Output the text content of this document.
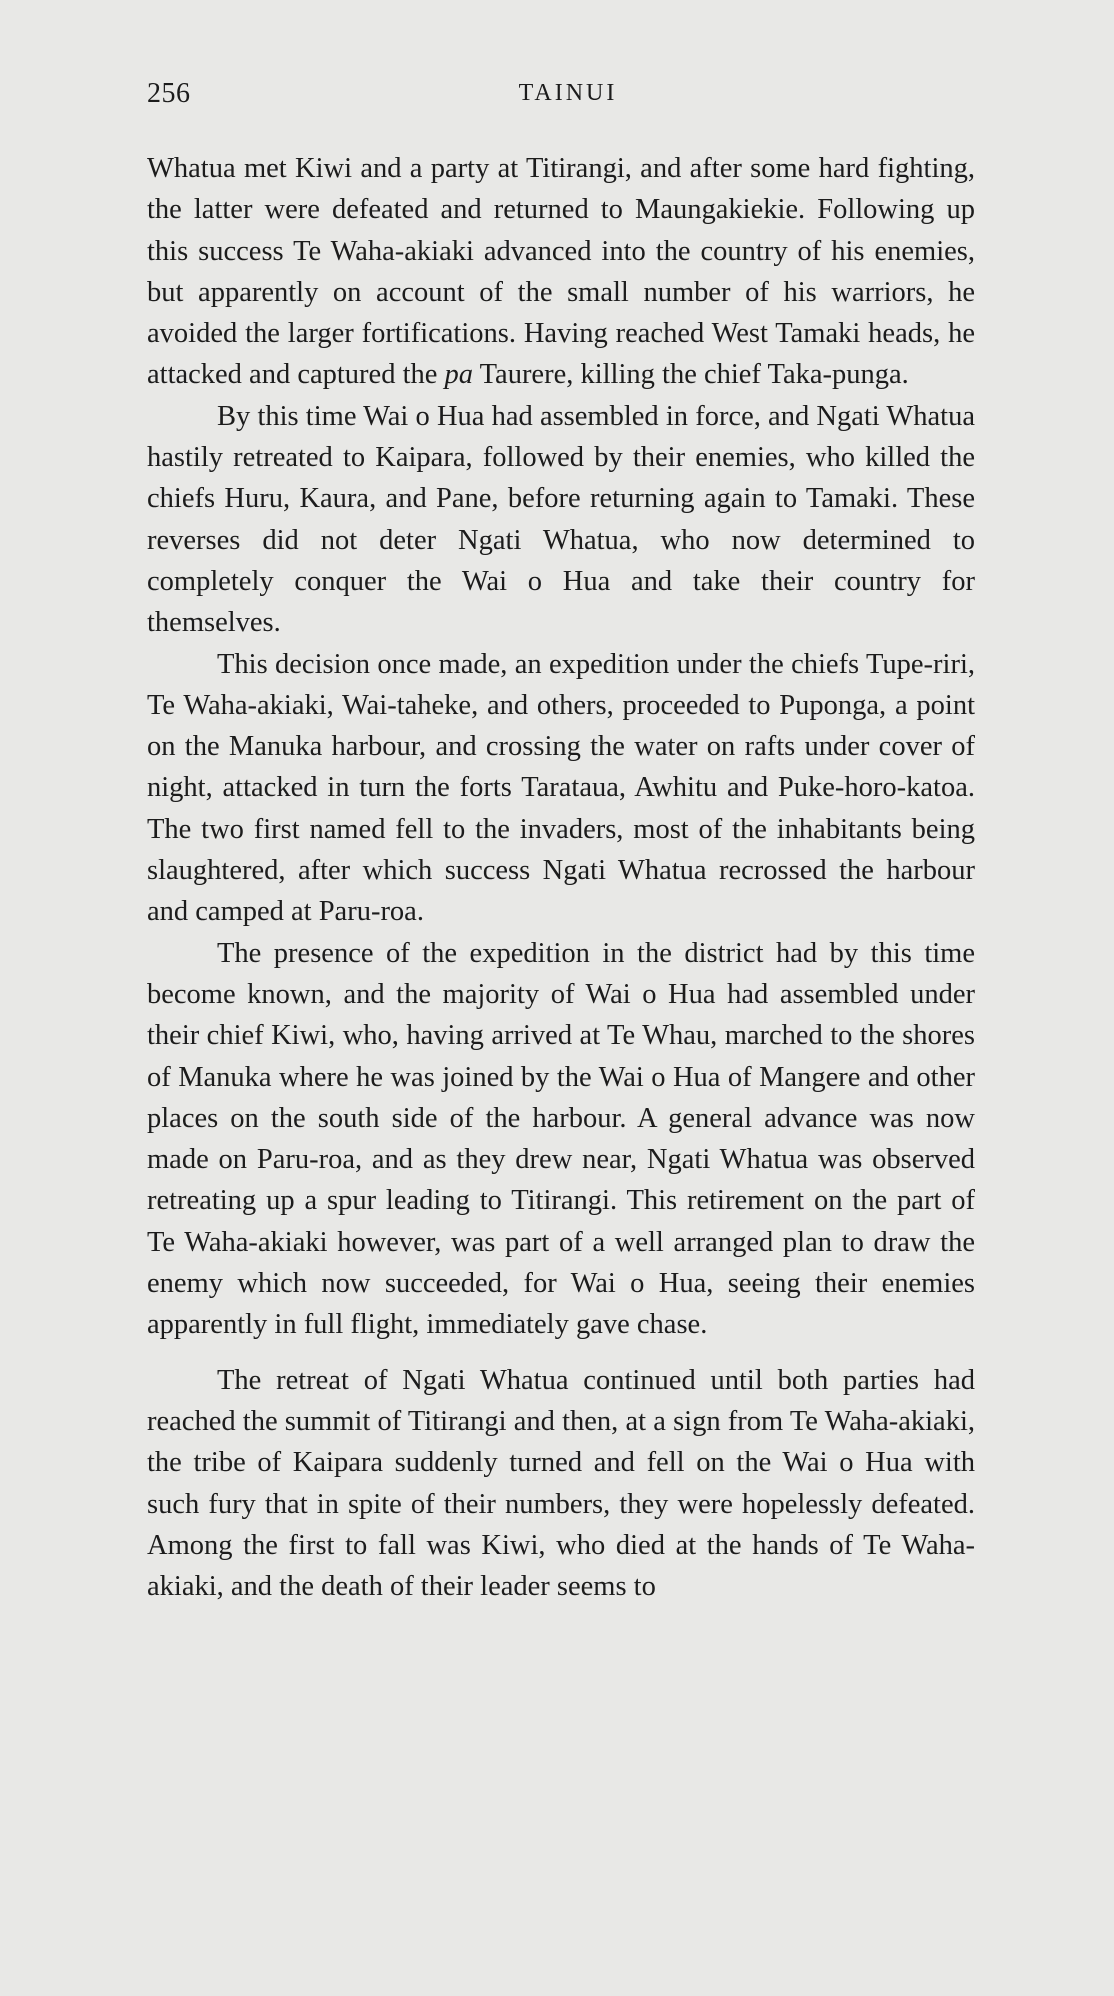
256	TAINUI

Whatua met Kiwi and a party at Titirangi, and after some hard fighting, the latter were defeated and returned to Maungakiekie. Following up this success Te Waha-akiaki advanced into the country of his enemies, but apparently on account of the small number of his warriors, he avoided the larger fortifications. Having reached West Tamaki heads, he attacked and captured the pa Taurere, killing the chief Taka-punga.

By this time Wai o Hua had assembled in force, and Ngati Whatua hastily retreated to Kaipara, followed by their enemies, who killed the chiefs Huru, Kaura, and Pane, before returning again to Tamaki. These reverses did not deter Ngati Whatua, who now determined to completely conquer the Wai o Hua and take their country for themselves.

This decision once made, an expedition under the chiefs Tupe-riri, Te Waha-akiaki, Wai-taheke, and others, proceeded to Puponga, a point on the Manuka harbour, and crossing the water on rafts under cover of night, attacked in turn the forts Tarataua, Awhitu and Puke-horo-katoa. The two first named fell to the invaders, most of the inhabitants being slaughtered, after which success Ngati Whatua recrossed the harbour and camped at Paru-roa.

The presence of the expedition in the district had by this time become known, and the majority of Wai o Hua had assembled under their chief Kiwi, who, having arrived at Te Whau, marched to the shores of Manuka where he was joined by the Wai o Hua of Mangere and other places on the south side of the harbour. A general advance was now made on Paru-roa, and as they drew near, Ngati Whatua was observed retreating up a spur leading to Titirangi. This retirement on the part of Te Waha-akiaki however, was part of a well arranged plan to draw the enemy which now succeeded, for Wai o Hua, seeing their enemies apparently in full flight, immediately gave chase.

The retreat of Ngati Whatua continued until both parties had reached the summit of Titirangi and then, at a sign from Te Waha-akiaki, the tribe of Kaipara suddenly turned and fell on the Wai o Hua with such fury that in spite of their numbers, they were hopelessly defeated. Among the first to fall was Kiwi, who died at the hands of Te Waha-akiaki, and the death of their leader seems to
